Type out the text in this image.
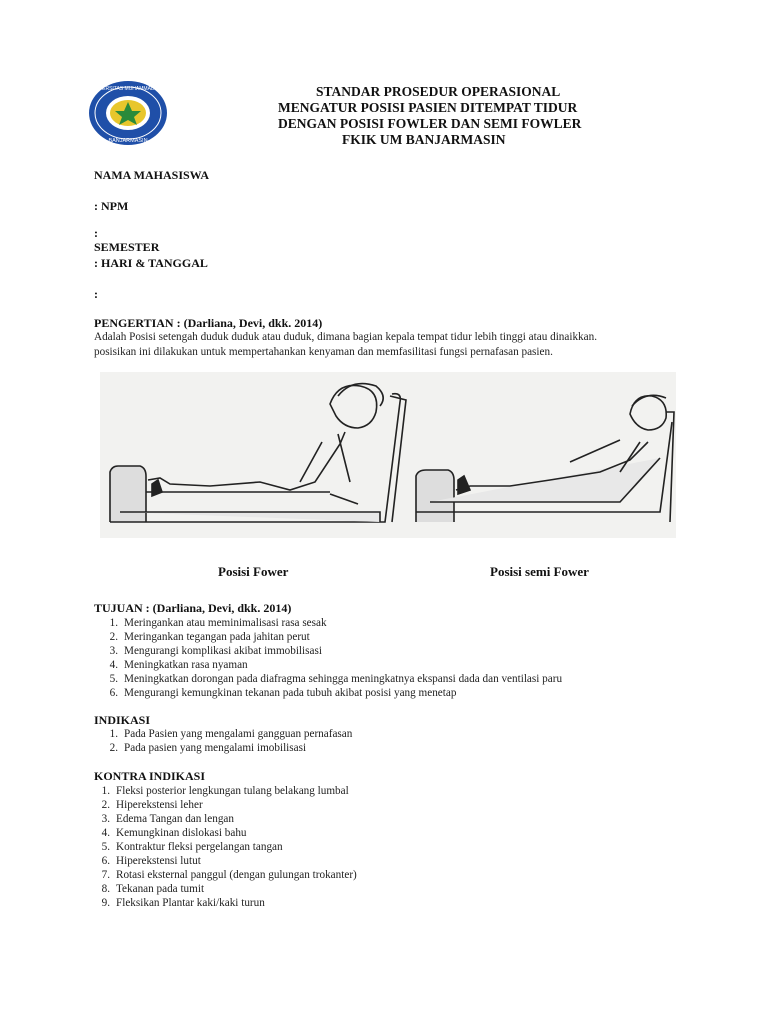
UNIVERSITAS MUHAMMADIYAH
BANJARMASIN
STANDAR PROSEDUR OPERASIONAL
MENGATUR POSISI PASIEN DITEMPAT TIDUR
DENGAN POSISI FOWLER DAN SEMI FOWLER
FKIK UM BANJARMASIN
NAMA MAHASISWA
: NPM
:
SEMESTER
: HARI & TANGGAL
:
PENGERTIAN : (Darliana, Devi, dkk. 2014)
Adalah Posisi setengah duduk duduk atau duduk, dimana bagian kepala tempat tidur lebih tinggi atau dinaikkan.
posisikan ini dilakukan untuk mempertahankan kenyaman dan memfasilitasi fungsi pernafasan pasien.
Posisi Fower	Posisi semi Fower
TUJUAN : (Darliana, Devi, dkk. 2014)
1. Meringankan atau meminimalisasi rasa sesak
2. Meringankan tegangan pada jahitan perut
3. Mengurangi komplikasi akibat immobilisasi
4. Meningkatkan rasa nyaman
5. Meningkatkan dorongan pada diafragma sehingga meningkatnya ekspansi dada dan ventilasi paru
6. Mengurangi kemungkinan tekanan pada tubuh akibat posisi yang menetap
INDIKASI
1. Pada Pasien yang mengalami gangguan pernafasan
2. Pada pasien yang mengalami imobilisasi
KONTRA INDIKASI
1. Fleksi posterior lengkungan tulang belakang lumbal
2. Hiperekstensi leher
3. Edema Tangan dan lengan
4. Kemungkinan dislokasi bahu
5. Kontraktur fleksi pergelangan tangan
6. Hiperekstensi lutut
7. Rotasi eksternal panggul (dengan gulungan trokanter)
8. Tekanan pada tumit
9. Fleksikan Plantar kaki/kaki turun
